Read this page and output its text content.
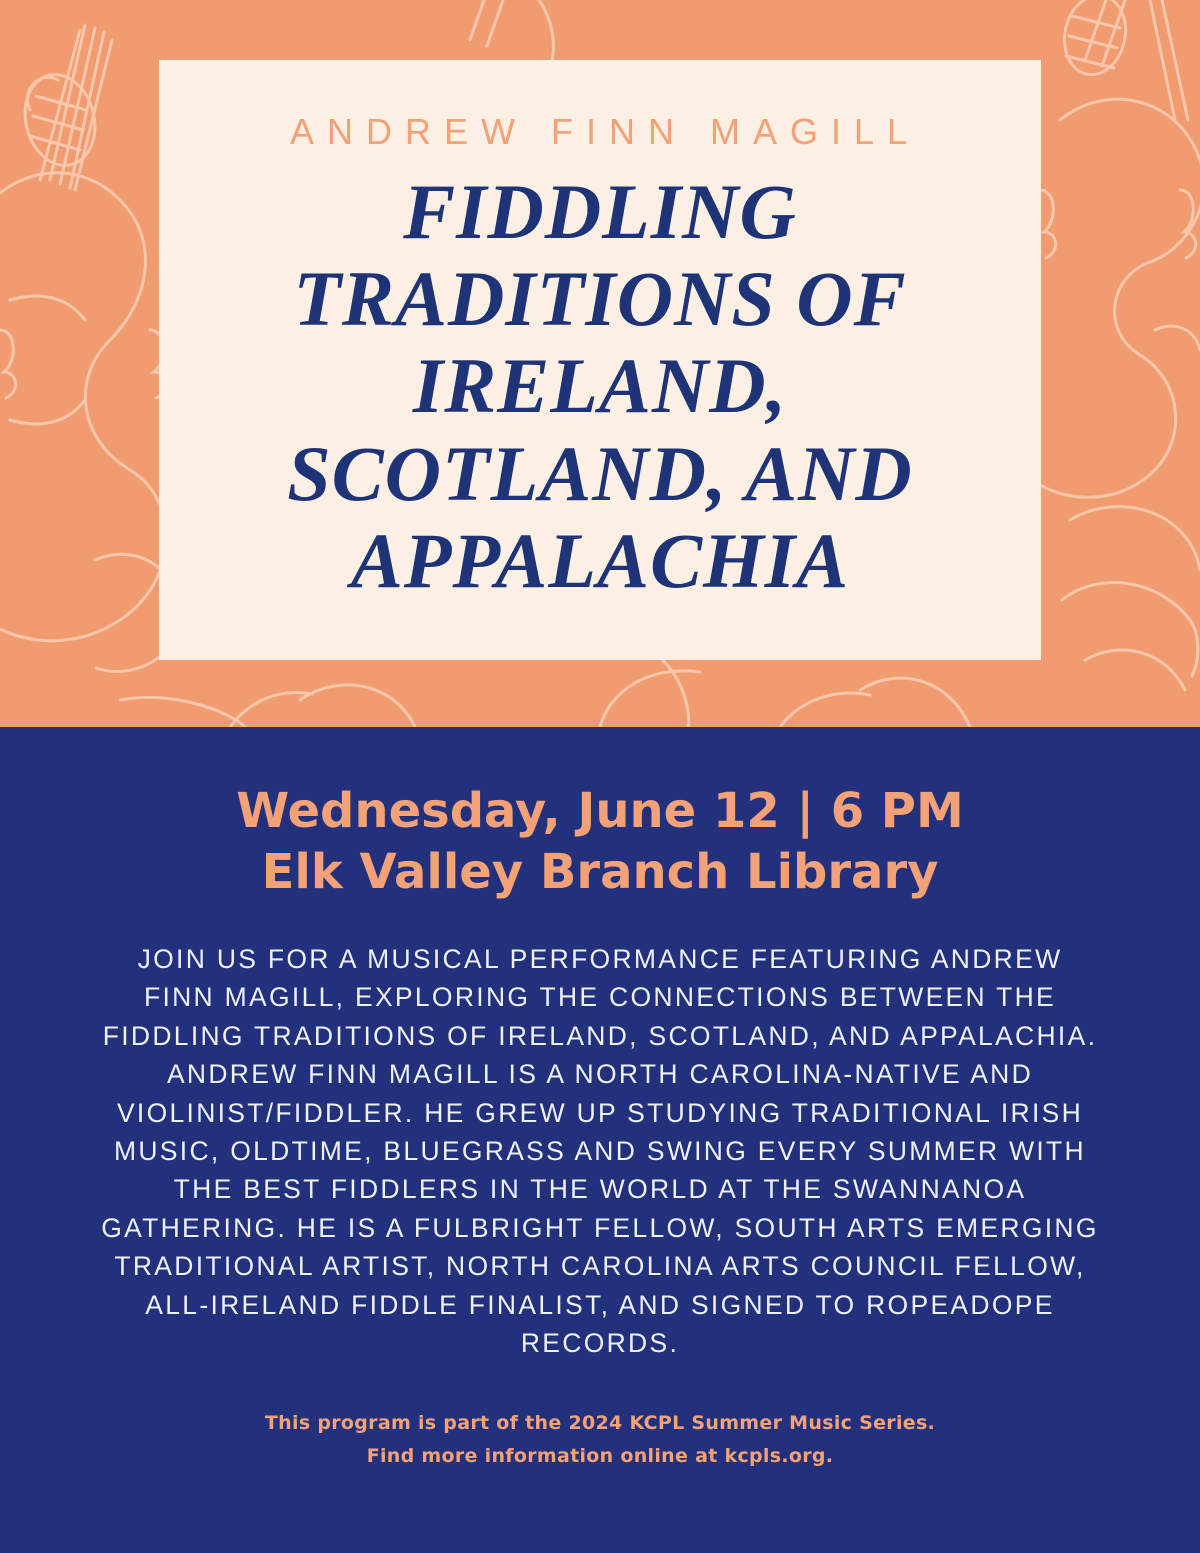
ANDREW FINN MAGILL
FIDDLING TRADITIONS OF IRELAND, SCOTLAND, AND APPALACHIA
Wednesday, June 12 | 6 PM
Elk Valley Branch Library

JOIN US FOR A MUSICAL PERFORMANCE FEATURING ANDREW FINN MAGILL, EXPLORING THE CONNECTIONS BETWEEN THE FIDDLING TRADITIONS OF IRELAND, SCOTLAND, AND APPALACHIA.

ANDREW FINN MAGILL IS A NORTH CAROLINA-NATIVE AND VIOLINIST/FIDDLER. HE GREW UP STUDYING TRADITIONAL IRISH MUSIC, OLDTIME, BLUEGRASS AND SWING EVERY SUMMER WITH THE BEST FIDDLERS IN THE WORLD AT THE SWANNANOA GATHERING. HE IS A FULBRIGHT FELLOW, SOUTH ARTS EMERGING TRADITIONAL ARTIST, NORTH CAROLINA ARTS COUNCIL FELLOW, ALL-IRELAND FIDDLE FINALIST, AND SIGNED TO ROPEADOPE RECORDS.

This program is part of the 2024 KCPL Summer Music Series.

Find more information online at kcpls.org.
